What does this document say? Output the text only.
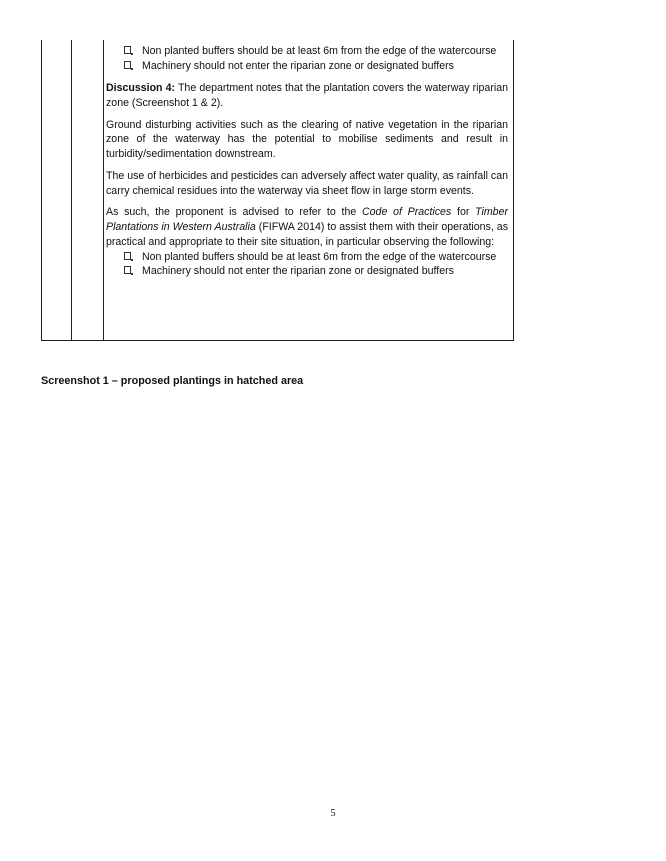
Non planted buffers should be at least 6m from the edge of the watercourse
Machinery should not enter the riparian zone or designated buffers

Discussion 4: The department notes that the plantation covers the waterway riparian zone (Screenshot 1 & 2).

Ground disturbing activities such as the clearing of native vegetation in the riparian zone of the waterway has the potential to mobilise sediments and result in turbidity/sedimentation downstream.

The use of herbicides and pesticides can adversely affect water quality, as rainfall can carry chemical residues into the waterway via sheet flow in large storm events.

As such, the proponent is advised to refer to the Code of Practices for Timber Plantations in Western Australia (FIFWA 2014) to assist them with their operations, as practical and appropriate to their site situation, in particular observing the following:

Non planted buffers should be at least 6m from the edge of the watercourse
Machinery should not enter the riparian zone or designated buffers
Screenshot 1 – proposed plantings in hatched area
5
